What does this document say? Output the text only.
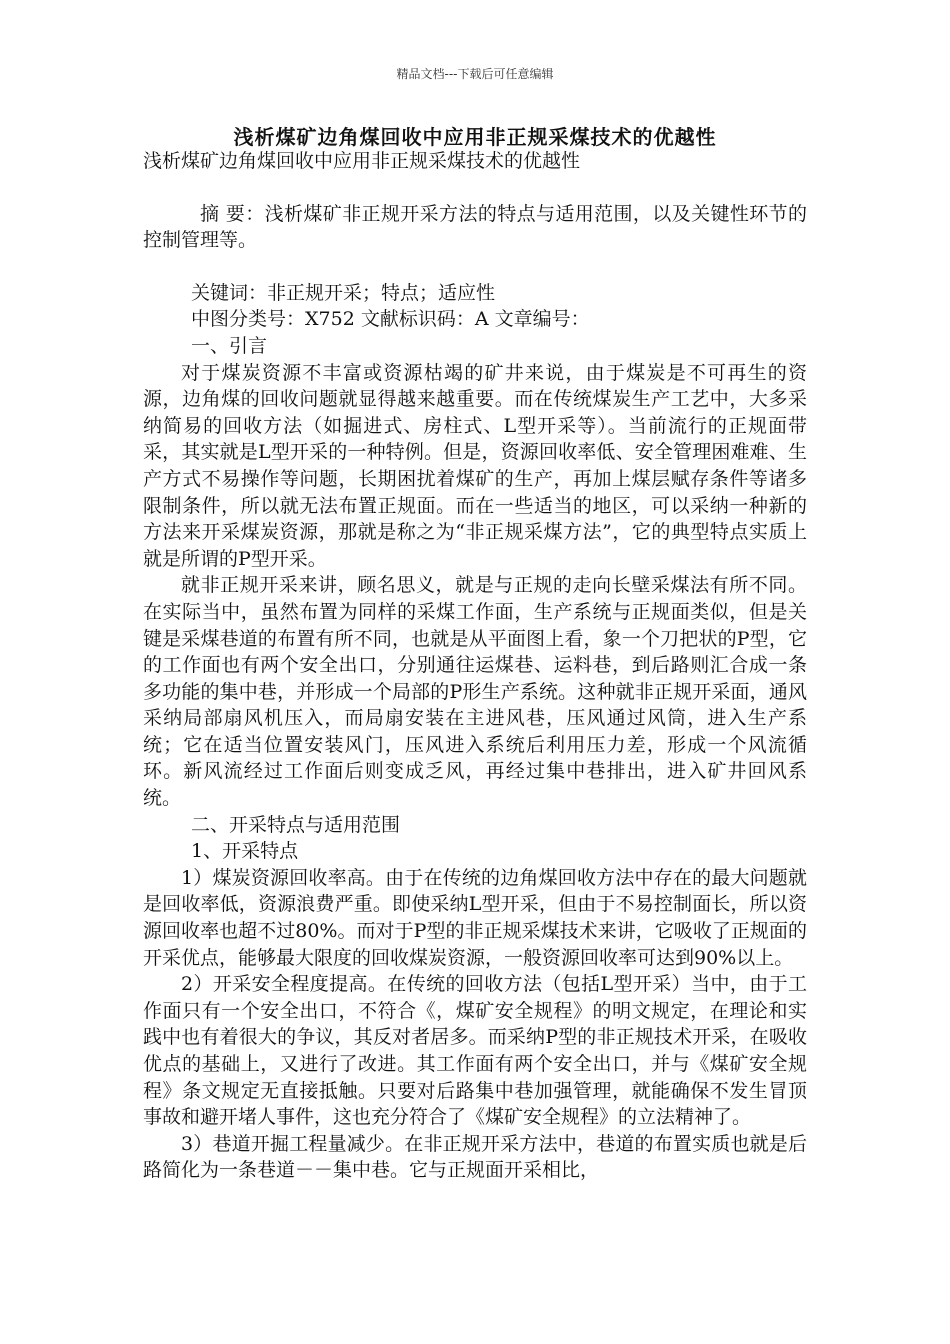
精品文档---下载后可任意编辑
浅析煤矿边角煤回收中应用非正规采煤技术的优越性

浅析煤矿边角煤回收中应用非正规采煤技术的优越性

摘 要：浅析煤矿非正规开采方法的特点与适用范围，以及关键性环节的控制管理等。

关键词：非正规开采；特点；适应性

中图分类号：X752 文献标识码：A 文章编号：

一、引言

对于煤炭资源不丰富或资源枯竭的矿井来说，由于煤炭是不可再生的资源，边角煤的回收问题就显得越来越重要。而在传统煤炭生产工艺中，大多采纳简易的回收方法（如掘进式、房柱式、L型开采等）。当前流行的正规面带采，其实就是L型开采的一种特例。但是，资源回收率低、安全管理困难难、生产方式不易操作等问题，长期困扰着煤矿的生产，再加上煤层赋存条件等诸多限制条件，所以就无法布置正规面。而在一些适当的地区，可以采纳一种新的方法来开采煤炭资源，那就是称之为“非正规采煤方法”，它的典型特点实质上就是所谓的P型开采。

就非正规开采来讲，顾名思义，就是与正规的走向长壁采煤法有所不同。在实际当中，虽然布置为同样的采煤工作面，生产系统与正规面类似，但是关键是采煤巷道的布置有所不同，也就是从平面图上看，象一个刀把状的P型，它的工作面也有两个安全出口，分别通往运煤巷、运料巷，到后路则汇合成一条多功能的集中巷，并形成一个局部的P形生产系统。这种就非正规开采面，通风采纳局部扇风机压入，而局扇安装在主进风巷，压风通过风筒，进入生产系统；它在适当位置安装风门，压风进入系统后利用压力差，形成一个风流循环。新风流经过工作面后则变成乏风，再经过集中巷排出，进入矿井回风系统。

二、开采特点与适用范围

1、开采特点

1）煤炭资源回收率高。由于在传统的边角煤回收方法中存在的最大问题就是回收率低，资源浪费严重。即使采纳L型开采，但由于不易控制面长，所以资源回收率也超不过80%。而对于P型的非正规采煤技术来讲，它吸收了正规面的开采优点，能够最大限度的回收煤炭资源，一般资源回收率可达到90%以上。

2）开采安全程度提高。在传统的回收方法（包括L型开采）当中，由于工作面只有一个安全出口，不符合《，煤矿安全规程》的明文规定，在理论和实践中也有着很大的争议，其反对者居多。而采纳P型的非正规技术开采，在吸收优点的基础上，又进行了改进。其工作面有两个安全出口，并与《煤矿安全规程》条文规定无直接抵触。只要对后路集中巷加强管理，就能确保不发生冒顶事故和避开堵人事件，这也充分符合了《煤矿安全规程》的立法精神了。

3）巷道开掘工程量减少。在非正规开采方法中，巷道的布置实质也就是后路简化为一条巷道－－集中巷。它与正规面开采相比，
